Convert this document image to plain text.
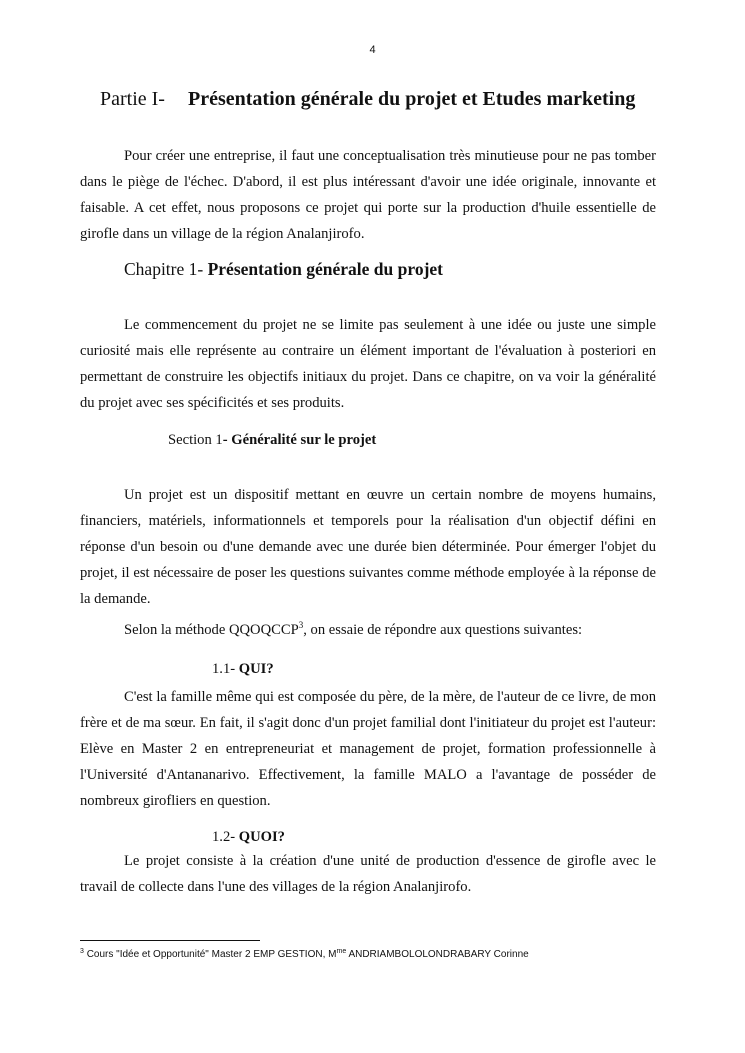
4
Partie I- Présentation générale du projet et Etudes marketing

Pour créer une entreprise, il faut une conceptualisation très minutieuse pour ne pas tomber dans le piège de l'échec. D'abord, il est plus intéressant d'avoir une idée originale, innovante et faisable. A cet effet, nous proposons ce projet qui porte sur la production d'huile essentielle de girofle dans un village de la région Analanjirofo.

Chapitre 1- Présentation générale du projet

Le commencement du projet ne se limite pas seulement à une idée ou juste une simple curiosité mais elle représente au contraire un élément important de l'évaluation à posteriori en permettant de construire les objectifs initiaux du projet. Dans ce chapitre, on va voir la généralité du projet avec ses spécificités et ses produits.

Section 1- Généralité sur le projet

Un projet est un dispositif mettant en œuvre un certain nombre de moyens humains, financiers, matériels, informationnels et temporels pour la réalisation d'un objectif défini en réponse d'un besoin ou d'une demande avec une durée bien déterminée. Pour émerger l'objet du projet, il est nécessaire de poser les questions suivantes comme méthode employée à la réponse de la demande.

Selon la méthode QQOQCCP$^3$, on essaie de répondre aux questions suivantes:

1.1- QUI?

C'est la famille même qui est composée du père, de la mère, de l'auteur de ce livre, de mon frère et de ma sœur. En fait, il s'agit donc d'un projet familial dont l'initiateur du projet est l'auteur: Elève en Master 2 en entrepreneuriat et management de projet, formation professionnelle à l'Université d'Antananarivo. Effectivement, la famille MALO a l'avantage de posséder de nombreux girofliers en question.

1.2- QUOI?

Le projet consiste à la création d'une unité de production d'essence de girofle avec le travail de collecte dans l'une des villages de la région Analanjirofo.

$^3$ Cours "Idée et Opportunité" Master 2 EMP GESTION, $M^{me}$ ANDRIAMBOLOLONDRABARY Corinne
